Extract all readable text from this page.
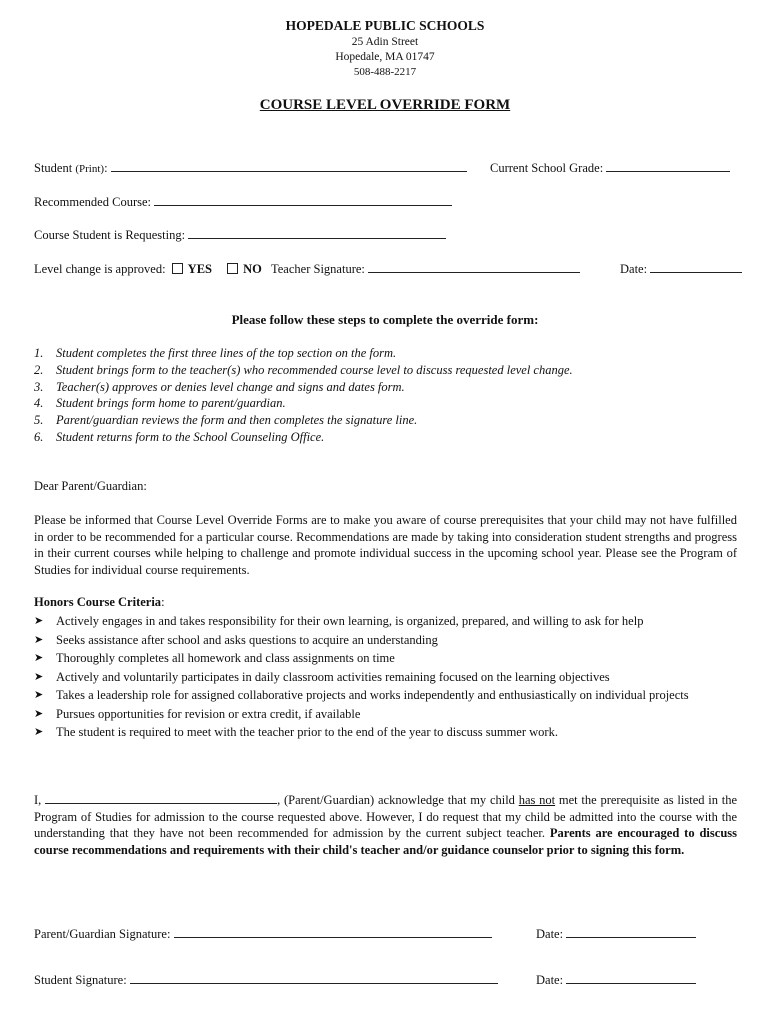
HOPEDALE PUBLIC SCHOOLS
25 Adin Street
Hopedale, MA 01747
508-488-2217
COURSE LEVEL OVERRIDE FORM
Student (Print):	Current School Grade:
Recommended Course:
Course Student is Requesting:
Level change is approved: YES NO Teacher Signature:	Date:
Please follow these steps to complete the override form:
1. Student completes the first three lines of the top section on the form.
2. Student brings form to the teacher(s) who recommended course level to discuss requested level change.
3. Teacher(s) approves or denies level change and signs and dates form.
4. Student brings form home to parent/guardian.
5. Parent/guardian reviews the form and then completes the signature line.
6. Student returns form to the School Counseling Office.
Dear Parent/Guardian:
Please be informed that Course Level Override Forms are to make you aware of course prerequisites that your child may not have fulfilled in order to be recommended for a particular course. Recommendations are made by taking into consideration student strengths and progress in their current courses while helping to challenge and promote individual success in the upcoming school year. Please see the Program of Studies for individual course requirements.
Honors Course Criteria:
➤ Actively engages in and takes responsibility for their own learning, is organized, prepared, and willing to ask for help
➤ Seeks assistance after school and asks questions to acquire an understanding
➤ Thoroughly completes all homework and class assignments on time
➤ Actively and voluntarily participates in daily classroom activities remaining focused on the learning objectives
➤ Takes a leadership role for assigned collaborative projects and works independently and enthusiastically on individual projects
➤ Pursues opportunities for revision or extra credit, if available
➤ The student is required to meet with the teacher prior to the end of the year to discuss summer work.
I,	, (Parent/Guardian) acknowledge that my child has not met the prerequisite as listed in the Program of Studies for admission to the course requested above. However, I do request that my child be admitted into the course with the understanding that they have not been recommended for admission by the current subject teacher. Parents are encouraged to discuss course recommendations and requirements with their child's teacher and/or guidance counselor prior to signing this form.
Parent/Guardian Signature:	Date:
Student Signature:	Date:
